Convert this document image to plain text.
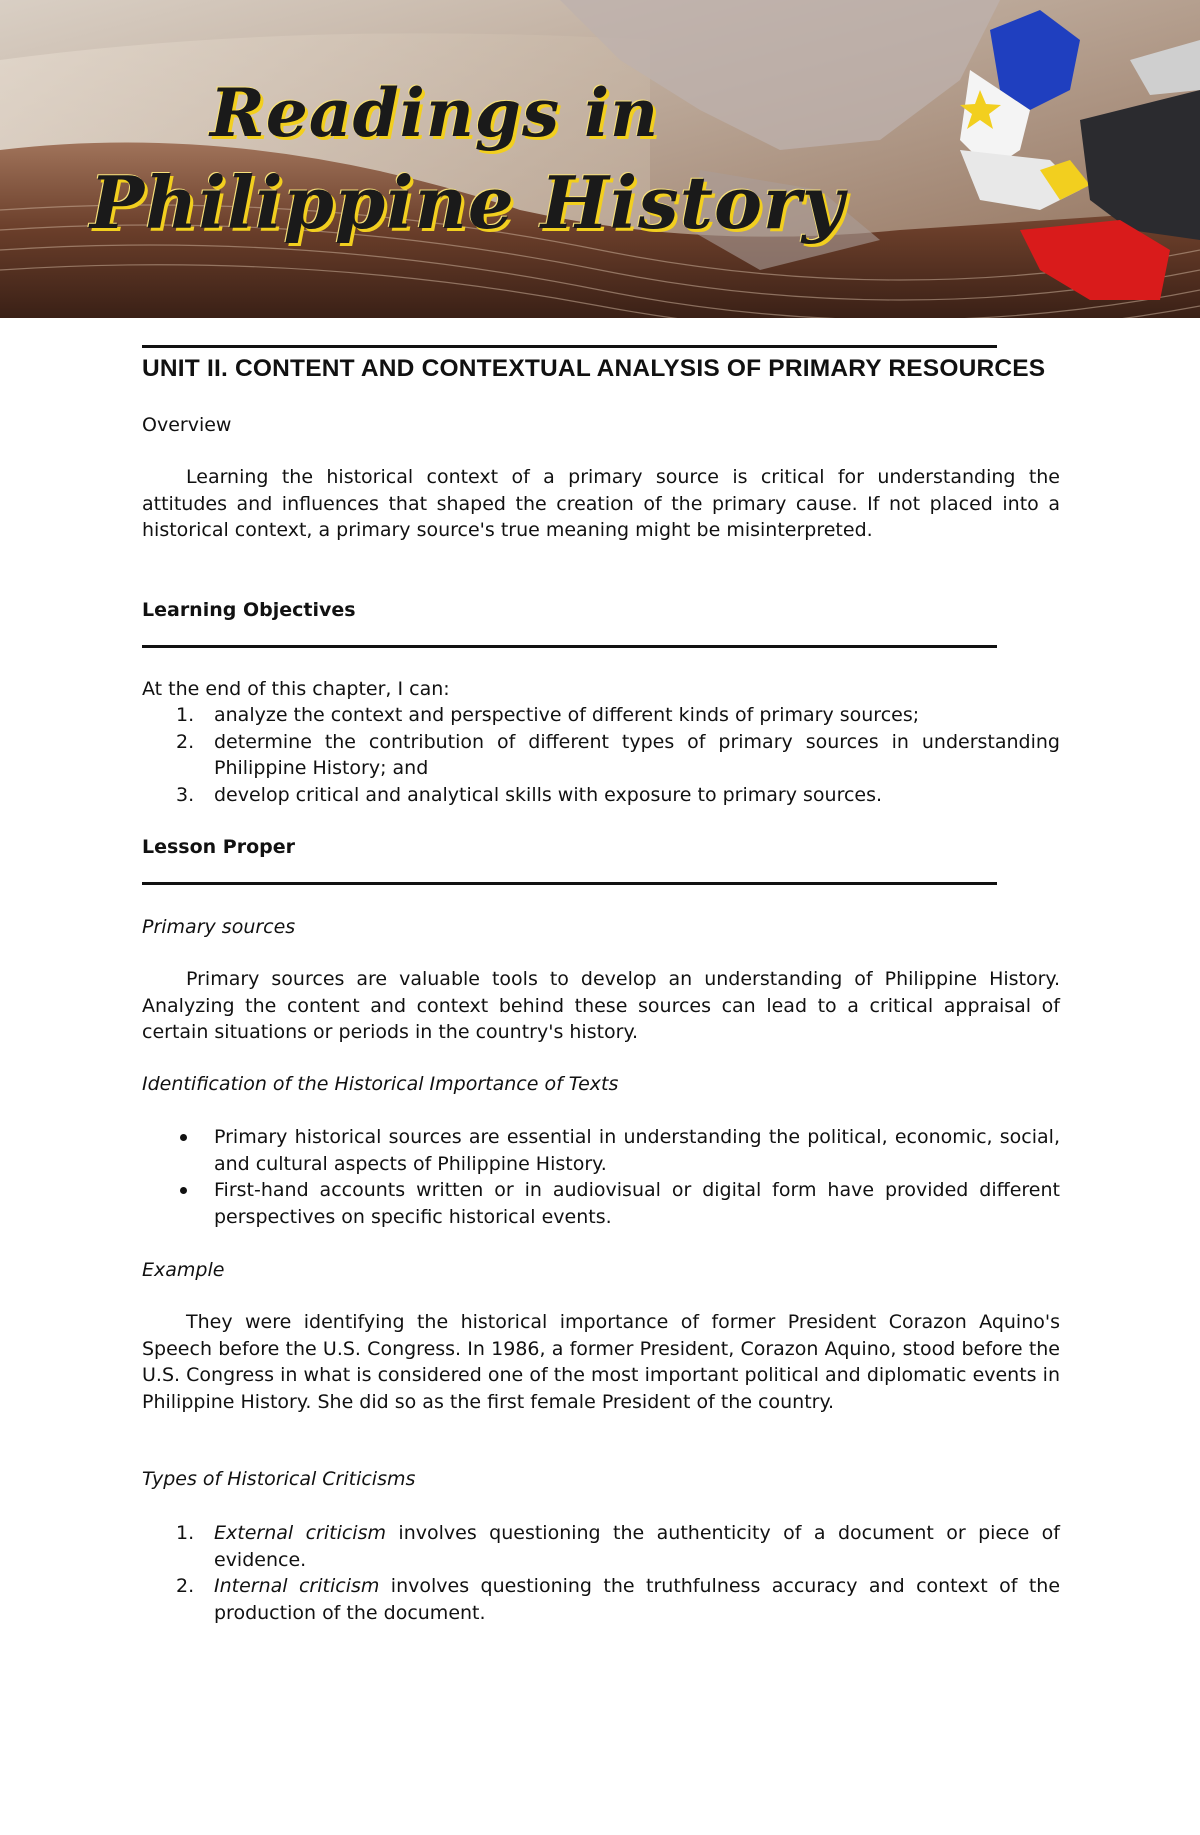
Readings in
Philippine History
UNIT II. CONTENT AND CONTEXTUAL ANALYSIS OF PRIMARY RESOURCES
Overview
Learning the historical context of a primary source is critical for understanding the attitudes and influences that shaped the creation of the primary cause. If not placed into a historical context, a primary source's true meaning might be misinterpreted.
Learning Objectives
At the end of this chapter, I can:
1. analyze the context and perspective of different kinds of primary sources;
2. determine the contribution of different types of primary sources in understanding Philippine History; and
3. develop critical and analytical skills with exposure to primary sources.
Lesson Proper
Primary sources
Primary sources are valuable tools to develop an understanding of Philippine History. Analyzing the content and context behind these sources can lead to a critical appraisal of certain situations or periods in the country's history.
Identification of the Historical Importance of Texts
Primary historical sources are essential in understanding the political, economic, social, and cultural aspects of Philippine History.
First-hand accounts written or in audiovisual or digital form have provided different perspectives on specific historical events.
Example
They were identifying the historical importance of former President Corazon Aquino's Speech before the U.S. Congress. In 1986, a former President, Corazon Aquino, stood before the U.S. Congress in what is considered one of the most important political and diplomatic events in Philippine History. She did so as the first female President of the country.
Types of Historical Criticisms
1. External criticism involves questioning the authenticity of a document or piece of evidence.
2. Internal criticism involves questioning the truthfulness accuracy and context of the production of the document.
